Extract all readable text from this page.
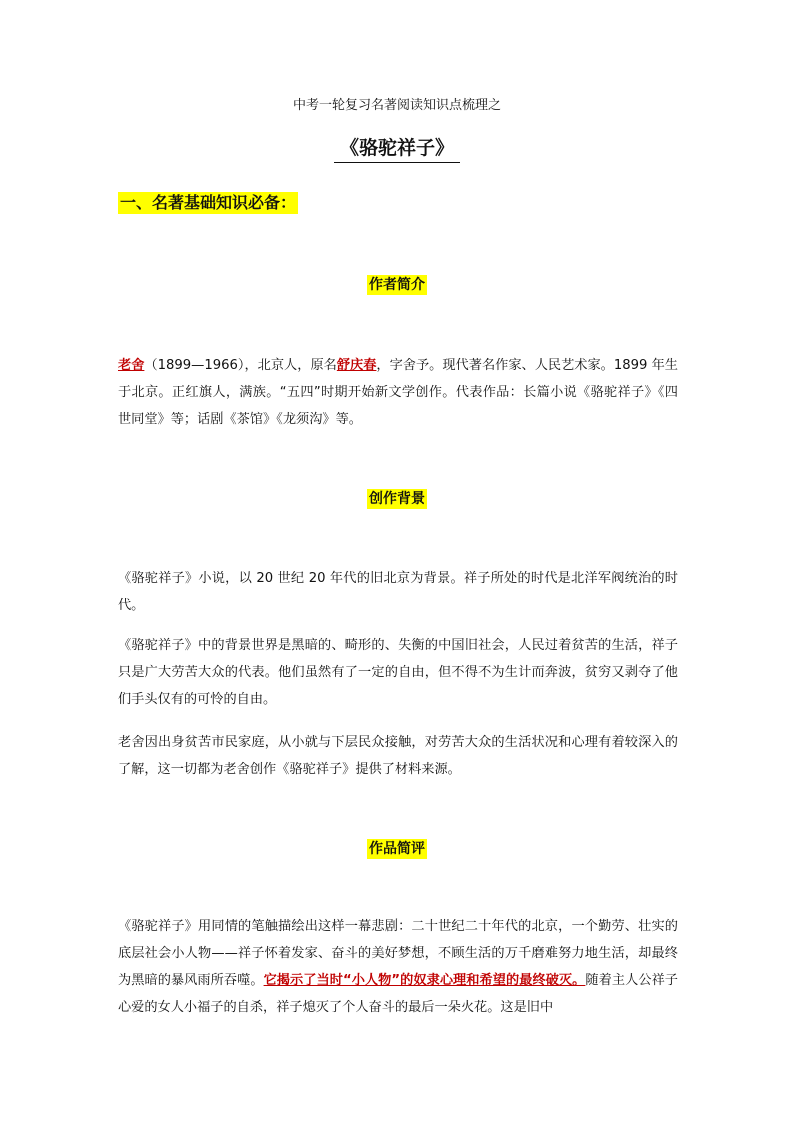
中考一轮复习名著阅读知识点梳理之
《骆驼祥子》
一、名著基础知识必备：
作者简介
老舍（1899—1966），北京人，原名舒庆春，字舍予。现代著名作家、人民艺术家。1899 年生于北京。正红旗人，满族。“五四”时期开始新文学创作。代表作品：长篇小说《骆驼祥子》《四世同堂》等；话剧《茶馆》《龙须沟》等。
创作背景
《骆驼祥子》小说，以 20 世纪 20 年代的旧北京为背景。祥子所处的时代是北洋军阀统治的时代。
《骆驼祥子》中的背景世界是黑暗的、畸形的、失衡的中国旧社会，人民过着贫苦的生活，祥子只是广大劳苦大众的代表。他们虽然有了一定的自由，但不得不为生计而奔波，贫穷又剥夺了他们手头仅有的可怜的自由。
老舍因出身贫苦市民家庭，从小就与下层民众接触，对劳苦大众的生活状况和心理有着较深入的了解，这一切都为老舍创作《骆驼祥子》提供了材料来源。
作品简评
《骆驼祥子》用同情的笔触描绘出这样一幕悲剧：二十世纪二十年代的北京，一个勤劳、壮实的底层社会小人物——祥子怀着发家、奋斗的美好梦想，不顾生活的万千磨难努力地生活，却最终为黑暗的暴风雨所吞噬。它揭示了当时“小人物”的奴隶心理和希望的最终破灭。随着主人公祥子心爱的女人小福子的自杀，祥子熄灭了个人奋斗的最后一朵火花。这是旧中
